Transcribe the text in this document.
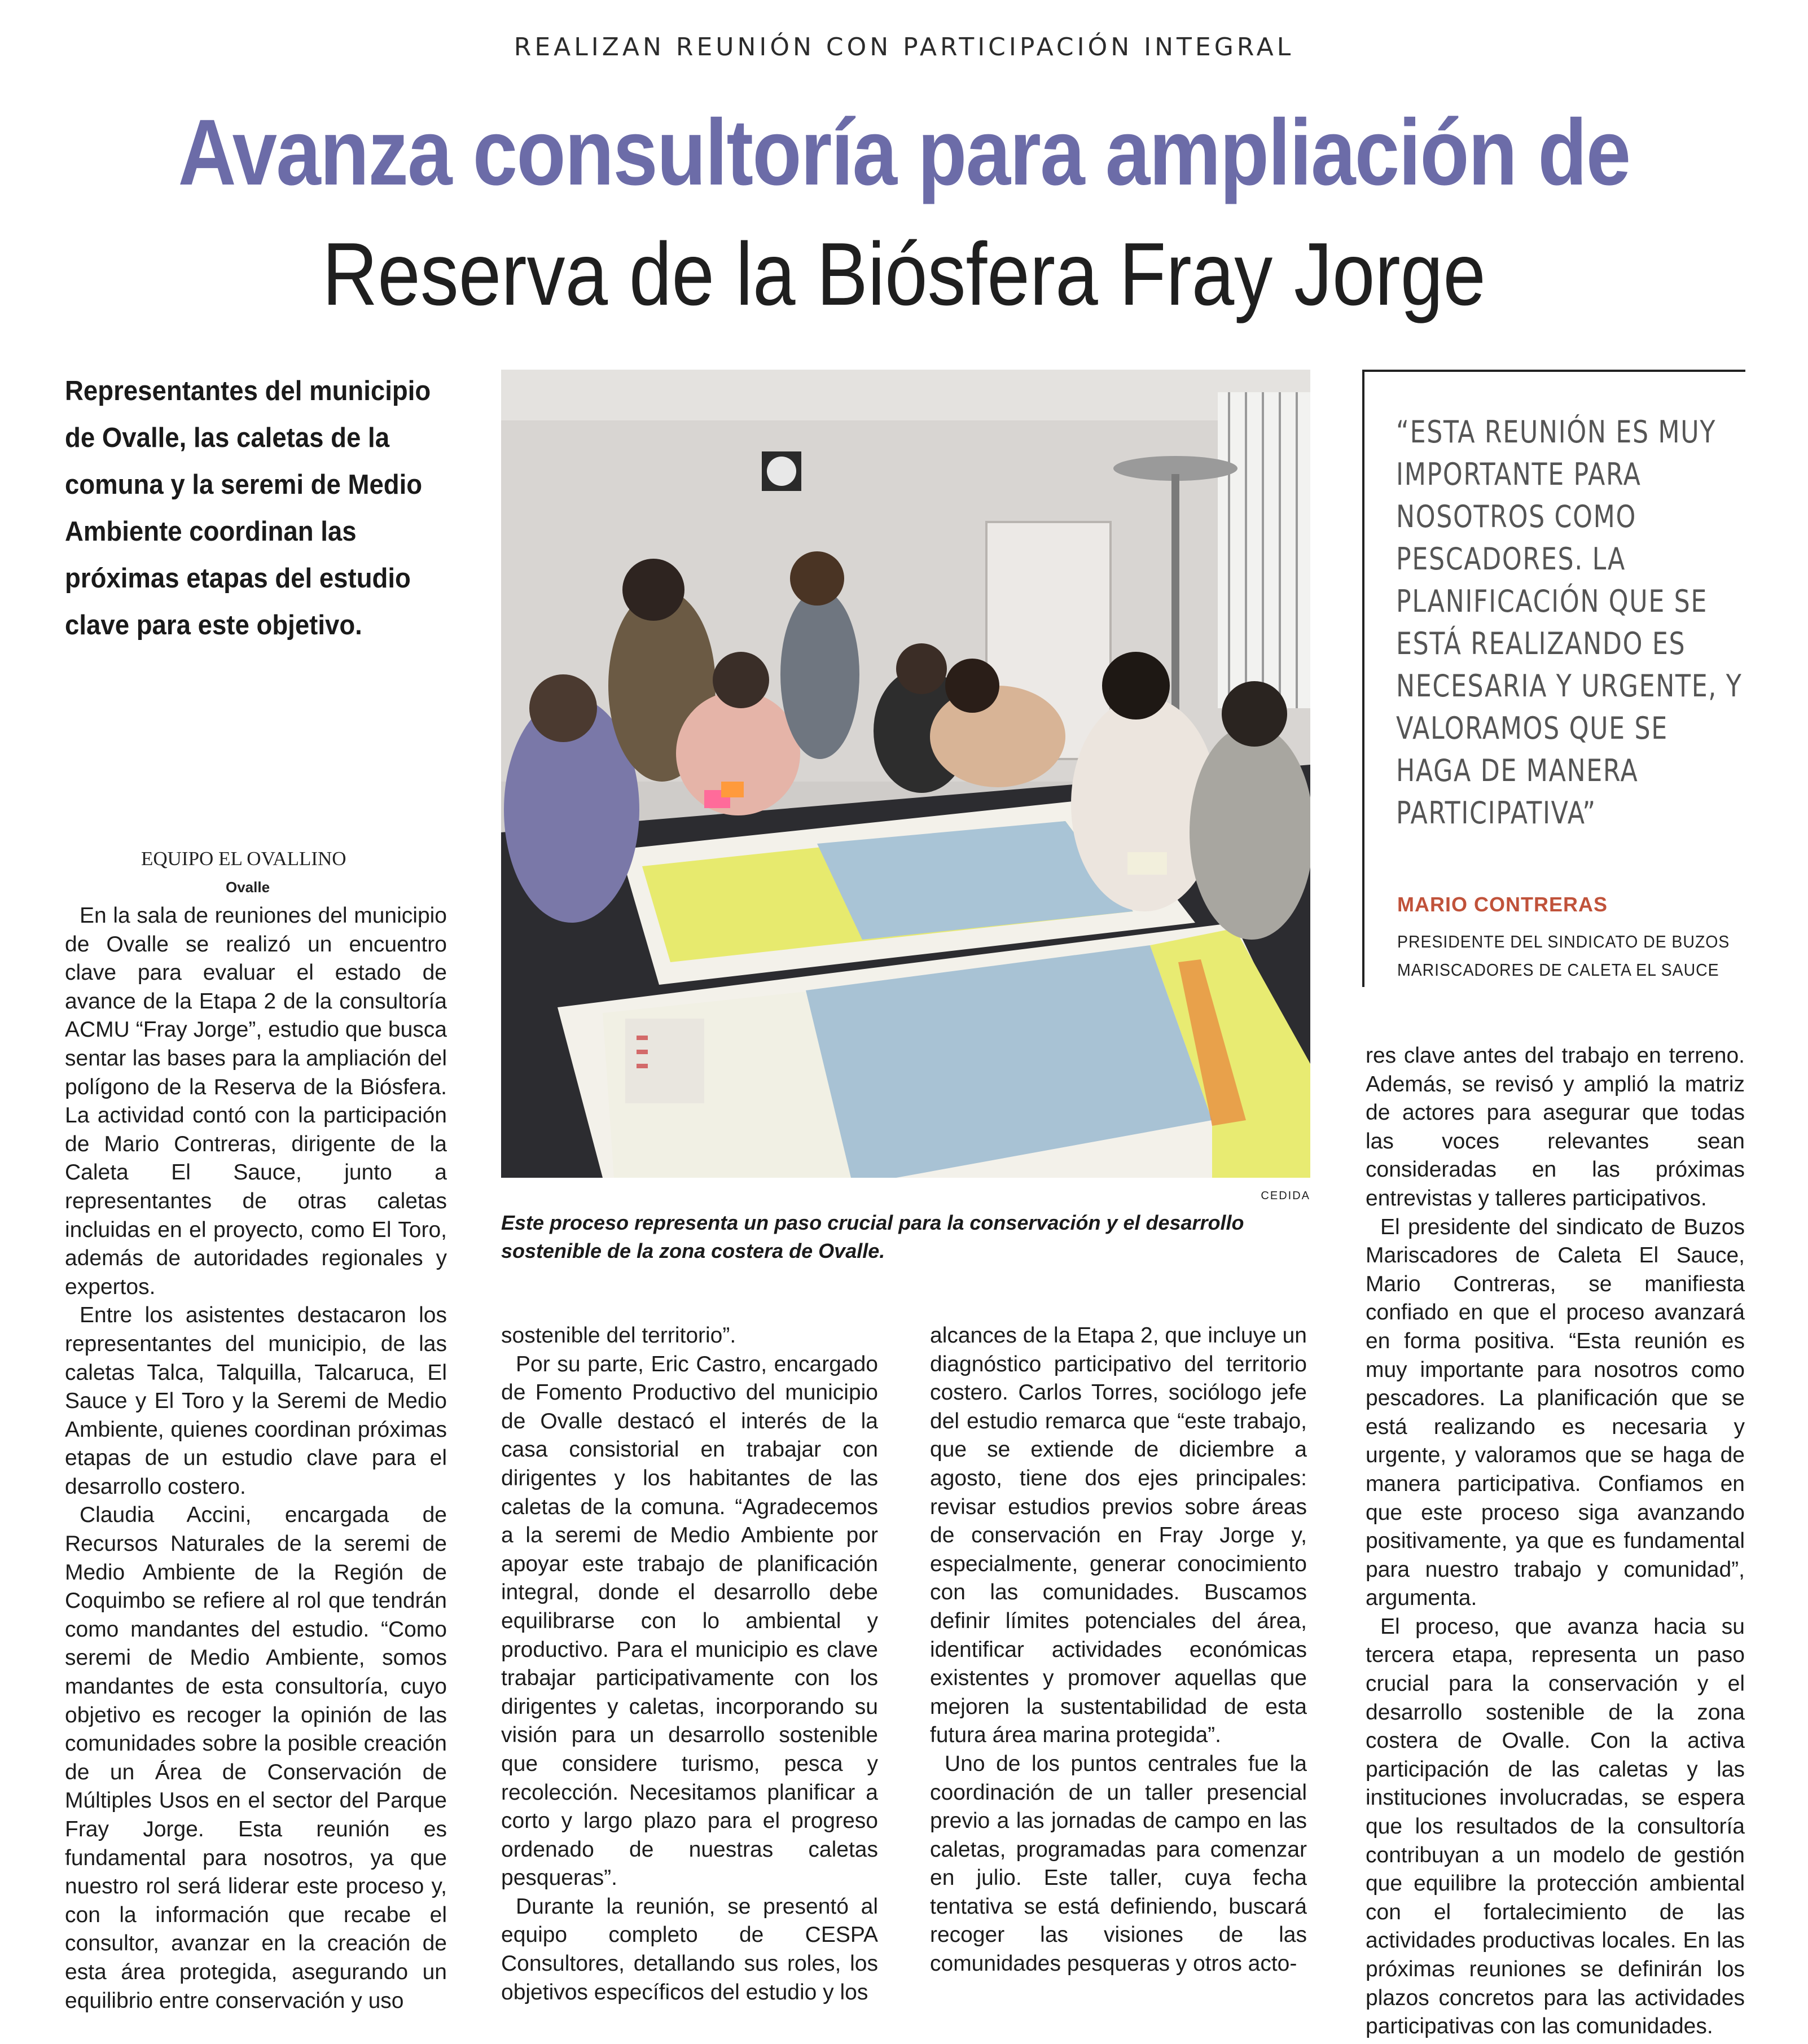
REALIZAN REUNIÓN CON PARTICIPACIÓN INTEGRAL
Avanza consultoría para ampliación de
Reserva de la Biósfera Fray Jorge
Representantes del municipio de Ovalle, las caletas de la comuna y la seremi de Medio Ambiente coordinan las próximas etapas del estudio clave para este objetivo.
CEDIDA
Este proceso representa un paso crucial para la conservación y el desarrollo sostenible de la zona costera de Ovalle.
“ESTA REUNIÓN ES MUY IMPORTANTE PARA NOSOTROS COMO PESCADORES. LA PLANIFICACIÓN QUE SE ESTÁ REALIZANDO ES NECESARIA Y URGENTE, Y VALORAMOS QUE SE HAGA DE MANERA PARTICIPATIVA”
MARIO CONTRERAS
PRESIDENTE DEL SINDICATO DE BUZOS MARISCADORES DE CALETA EL SAUCE
EQUIPO EL OVALLINO
Ovalle

En la sala de reuniones del municipio de Ovalle se realizó un encuentro clave para evaluar el estado de avance de la Etapa 2 de la consultoría ACMU “Fray Jorge”, estudio que busca sentar las bases para la ampliación del polígono de la Reserva de la Biósfera. La actividad contó con la participación de Mario Contreras, dirigente de la Caleta El Sauce, junto a representantes de otras caletas incluidas en el proyecto, como El Toro, además de autoridades regionales y expertos.

Entre los asistentes destacaron los representantes del municipio, de las caletas Talca, Talquilla, Talcaruca, El Sauce y El Toro y la Seremi de Medio Ambiente, quienes coordinan próximas etapas de un estudio clave para el desarrollo costero.

Claudia Accini, encargada de Recursos Naturales de la seremi de Medio Ambiente de la Región de Coquimbo se refiere al rol que tendrán como mandantes del estudio. “Como seremi de Medio Ambiente, somos mandantes de esta consultoría, cuyo objetivo es recoger la opinión de las comunidades sobre la posible creación de un Área de Conservación de Múltiples Usos en el sector del Parque Fray Jorge. Esta reunión es fundamental para nosotros, ya que nuestro rol será liderar este proceso y, con la información que recabe el consultor, avanzar en la creación de esta área protegida, asegurando un equilibrio entre conservación y uso

sostenible del territorio”.

Por su parte, Eric Castro, encargado de Fomento Productivo del municipio de Ovalle destacó el interés de la casa consistorial en trabajar con dirigentes y los habitantes de las caletas de la comuna. “Agradecemos a la seremi de Medio Ambiente por apoyar este trabajo de planificación integral, donde el desarrollo debe equilibrarse con lo ambiental y productivo. Para el municipio es clave trabajar participativamente con los dirigentes y caletas, incorporando su visión para un desarrollo sostenible que considere turismo, pesca y recolección. Necesitamos planificar a corto y largo plazo para el progreso ordenado de nuestras caletas pesqueras”.

Durante la reunión, se presentó al equipo completo de CESPA Consultores, detallando sus roles, los objetivos específicos del estudio y los

alcances de la Etapa 2, que incluye un diagnóstico participativo del territorio costero. Carlos Torres, sociólogo jefe del estudio remarca que “este trabajo, que se extiende de diciembre a agosto, tiene dos ejes principales: revisar estudios previos sobre áreas de conservación en Fray Jorge y, especialmente, generar conocimiento con las comunidades. Buscamos definir límites potenciales del área, identificar actividades económicas existentes y promover aquellas que mejoren la sustentabilidad de esta futura área marina protegida”.

Uno de los puntos centrales fue la coordinación de un taller presencial previo a las jornadas de campo en las caletas, programadas para comenzar en julio. Este taller, cuya fecha tentativa se está definiendo, buscará recoger las visiones de las comunidades pesqueras y otros acto-

res clave antes del trabajo en terreno. Además, se revisó y amplió la matriz de actores para asegurar que todas las voces relevantes sean consideradas en las próximas entrevistas y talleres participativos.

El presidente del sindicato de Buzos Mariscadores de Caleta El Sauce, Mario Contreras, se manifiesta confiado en que el proceso avanzará en forma positiva. “Esta reunión es muy importante para nosotros como pescadores. La planificación que se está realizando es necesaria y urgente, y valoramos que se haga de manera participativa. Confiamos en que este proceso siga avanzando positivamente, ya que es fundamental para nuestro trabajo y comunidad”, argumenta.

El proceso, que avanza hacia su tercera etapa, representa un paso crucial para la conservación y el desarrollo sostenible de la zona costera de Ovalle. Con la activa participación de las caletas y las instituciones involucradas, se espera que los resultados de la consultoría contribuyan a un modelo de gestión que equilibre la protección ambiental con el fortalecimiento de las actividades productivas locales. En las próximas reuniones se definirán los plazos concretos para las actividades participativas con las comunidades.
